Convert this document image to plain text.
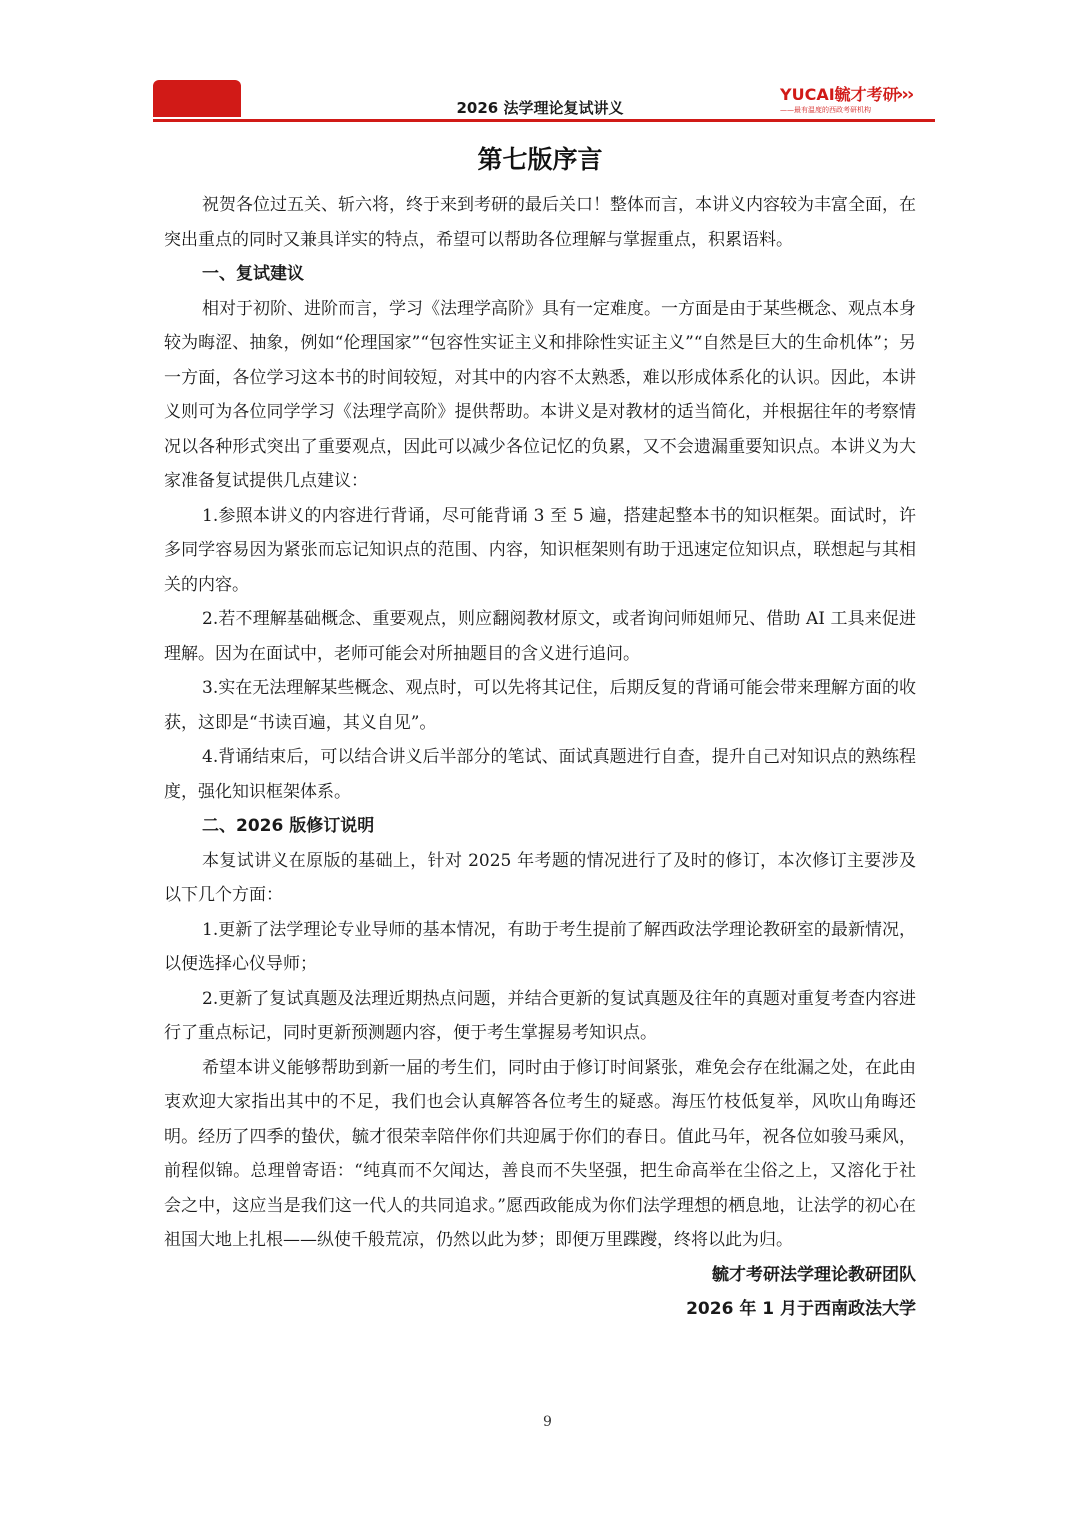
2026 法学理论复试讲义
YUCAI毓才考研
——最有温度的西政考研机构
›››
第七版序言

祝贺各位过五关、斩六将，终于来到考研的最后关口！整体而言，本讲义内容较为丰富全面，在突出重点的同时又兼具详实的特点，希望可以帮助各位理解与掌握重点，积累语料。

一、复试建议

相对于初阶、进阶而言，学习《法理学高阶》具有一定难度。一方面是由于某些概念、观点本身较为晦涩、抽象，例如“伦理国家”“包容性实证主义和排除性实证主义”“自然是巨大的生命机体”；另一方面，各位学习这本书的时间较短，对其中的内容不太熟悉，难以形成体系化的认识。因此，本讲义则可为各位同学学习《法理学高阶》提供帮助。本讲义是对教材的适当简化，并根据往年的考察情况以各种形式突出了重要观点，因此可以减少各位记忆的负累，又不会遗漏重要知识点。本讲义为大家准备复试提供几点建议：

1.参照本讲义的内容进行背诵，尽可能背诵 3 至 5 遍，搭建起整本书的知识框架。面试时，许多同学容易因为紧张而忘记知识点的范围、内容，知识框架则有助于迅速定位知识点，联想起与其相关的内容。

2.若不理解基础概念、重要观点，则应翻阅教材原文，或者询问师姐师兄、借助 AI 工具来促进理解。因为在面试中，老师可能会对所抽题目的含义进行追问。

3.实在无法理解某些概念、观点时，可以先将其记住，后期反复的背诵可能会带来理解方面的收获，这即是“书读百遍，其义自见”。

4.背诵结束后，可以结合讲义后半部分的笔试、面试真题进行自查，提升自己对知识点的熟练程度，强化知识框架体系。

二、2026 版修订说明

本复试讲义在原版的基础上，针对 2025 年考题的情况进行了及时的修订，本次修订主要涉及以下几个方面：

1.更新了法学理论专业导师的基本情况，有助于考生提前了解西政法学理论教研室的最新情况，以便选择心仪导师；

2.更新了复试真题及法理近期热点问题，并结合更新的复试真题及往年的真题对重复考查内容进行了重点标记，同时更新预测题内容，便于考生掌握易考知识点。

希望本讲义能够帮助到新一届的考生们，同时由于修订时间紧张，难免会存在纰漏之处，在此由衷欢迎大家指出其中的不足，我们也会认真解答各位考生的疑惑。海压竹枝低复举，风吹山角晦还明。经历了四季的蛰伏，毓才很荣幸陪伴你们共迎属于你们的春日。值此马年，祝各位如骏马乘风，前程似锦。总理曾寄语：“纯真而不欠闻达，善良而不失坚强，把生命高举在尘俗之上，又溶化于社会之中，这应当是我们这一代人的共同追求。”愿西政能成为你们法学理想的栖息地，让法学的初心在祖国大地上扎根——纵使千般荒凉，仍然以此为梦；即便万里蹀躞，终将以此为归。

毓才考研法学理论教研团队

2026 年 1 月于西南政法大学

9
